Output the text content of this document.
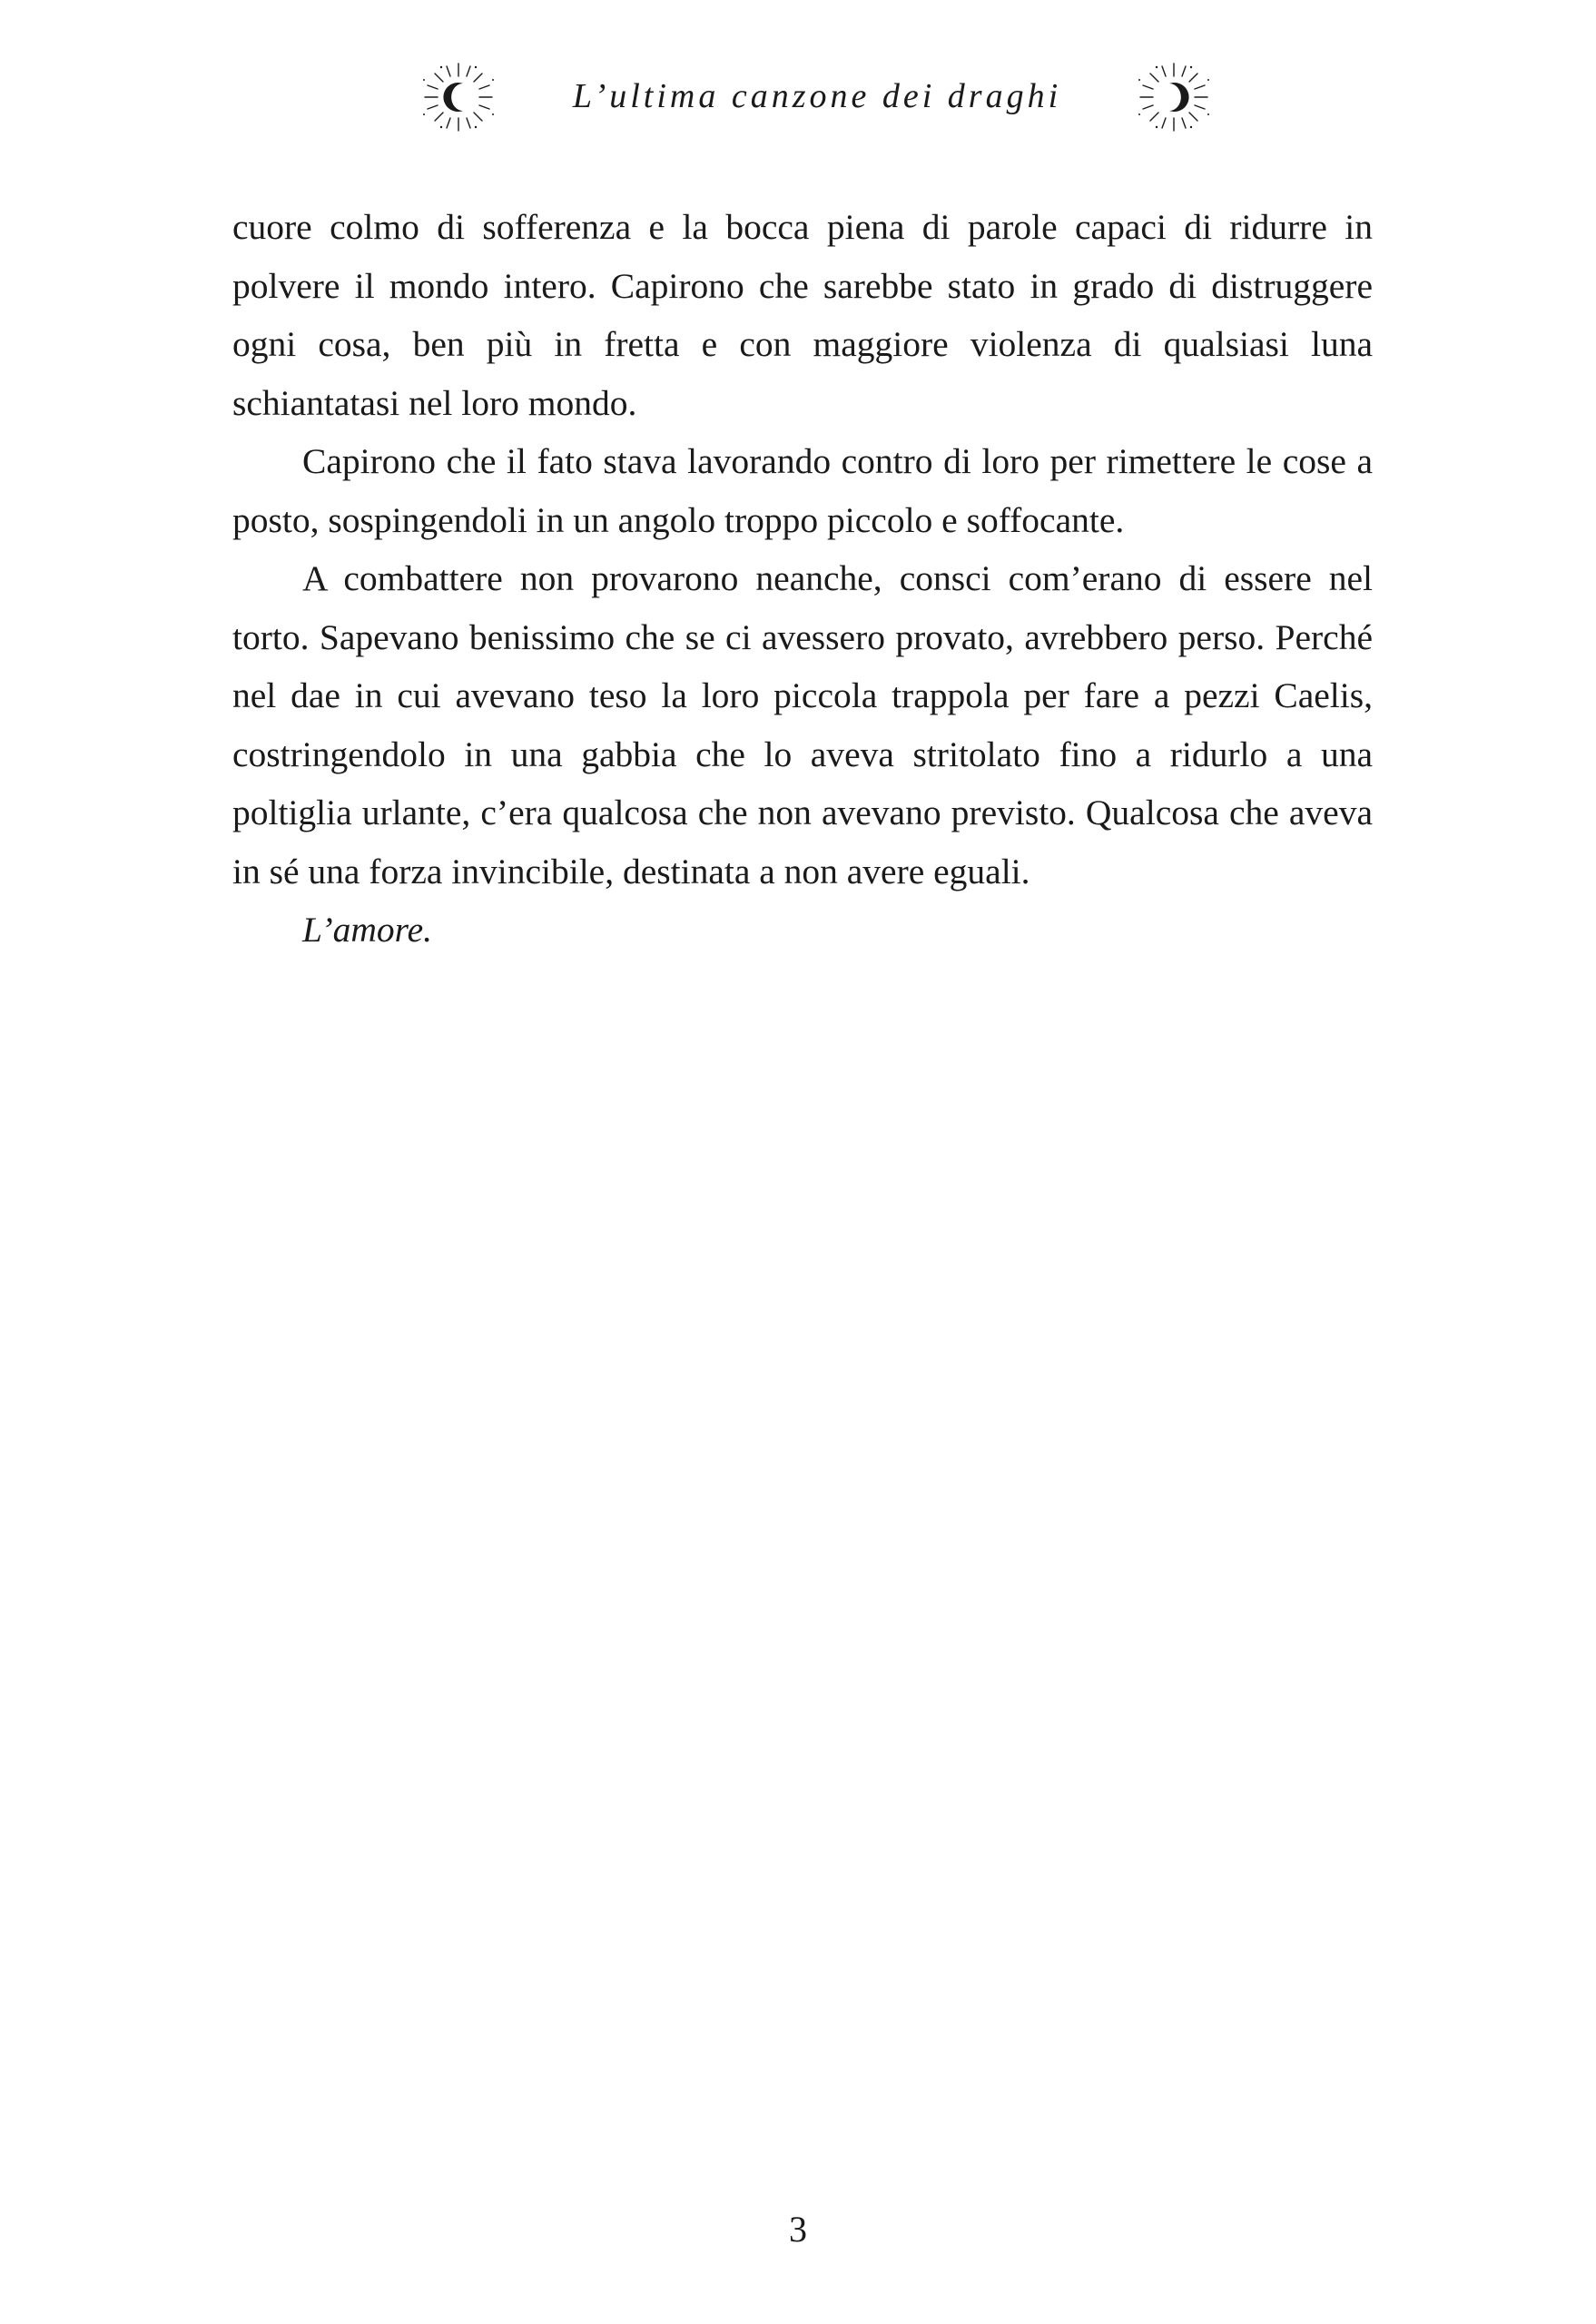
L’ultima canzone dei draghi

cuore colmo di sofferenza e la bocca piena di parole capaci di ridurre in polvere il mondo intero. Capirono che sarebbe stato in grado di distruggere ogni cosa, ben più in fretta e con maggiore violenza di qualsiasi luna schiantatasi nel loro mondo.

Capirono che il fato stava lavorando contro di loro per rimettere le cose a posto, sospingendoli in un angolo troppo piccolo e soffocante.

A combattere non provarono neanche, consci com’erano di essere nel torto. Sapevano benissimo che se ci avessero provato, avrebbero perso. Perché nel dae in cui avevano teso la loro piccola trappola per fare a pezzi Caelis, costringendolo in una gabbia che lo aveva stritolato fino a ridurlo a una poltiglia urlante, c’era qualcosa che non avevano previsto. Qualcosa che aveva in sé una forza invincibile, destinata a non avere eguali.

L’amore.

3
